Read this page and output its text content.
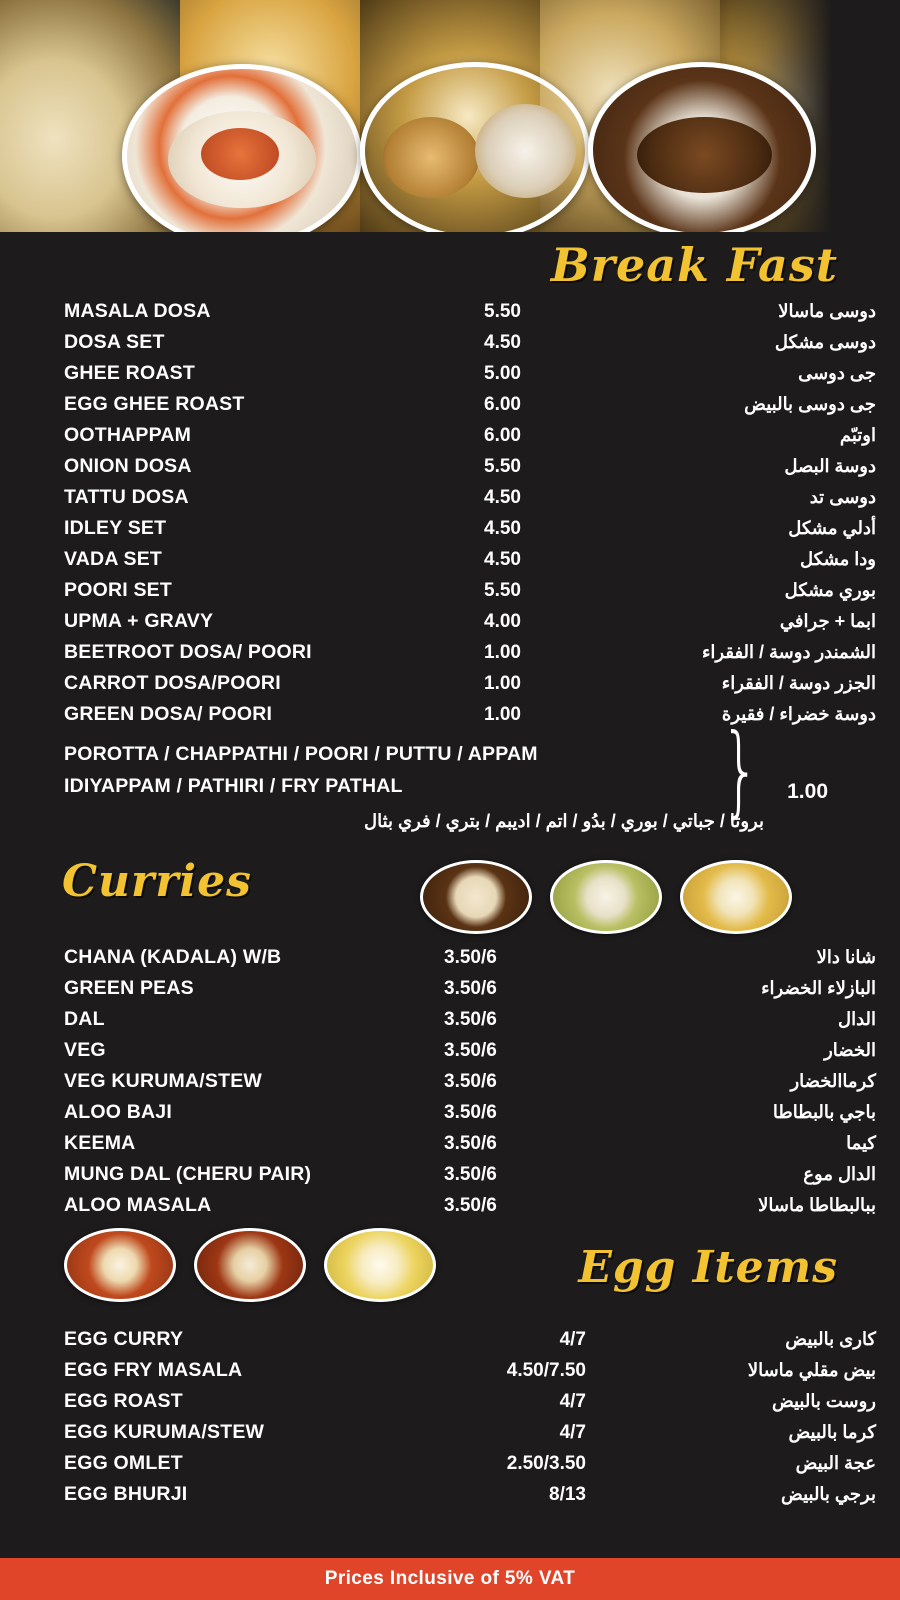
Break Fast
MASALA DOSA	5.50	دوسى ماسالا
DOSA SET	4.50	دوسى مشكل
GHEE ROAST	5.00	جى دوسى
EGG GHEE ROAST	6.00	جى دوسى بالبيض
OOTHAPPAM	6.00	اوتبّم
ONION DOSA	5.50	دوسة البصل
TATTU DOSA	4.50	دوسى تد
IDLEY SET	4.50	أدلي مشكل
VADA SET	4.50	ودا مشكل
POORI SET	5.50	بوري مشكل
UPMA + GRAVY	4.00	ابما + جرافي
BEETROOT DOSA/ POORI	1.00	الشمندر دوسة / الفقراء
CARROT DOSA/POORI	1.00	الجزر دوسة / الفقراء
GREEN DOSA/ POORI	1.00	دوسة خضراء / فقيرة
POROTTA / CHAPPATHI / POORI / PUTTU / APPAM
IDIYAPPAM / PATHIRI / FRY PATHAL
بروتا / جباتي / بوري / بدُو / اتم / اديبم / بتري / فري بثال
} 1.00
Curries
CHANA (KADALA) W/B	3.50/6	شانا دالا
GREEN PEAS	3.50/6	البازلاء الخضراء
DAL	3.50/6	الدال
VEG	3.50/6	الخضار
VEG KURUMA/STEW	3.50/6	كرماالخضار
ALOO BAJI	3.50/6	باجي بالبطاطا
KEEMA	3.50/6	كيما
MUNG DAL (CHERU PAIR)	3.50/6	الدال موع
ALOO MASALA	3.50/6	ببالبطاطا ماسالا
Egg Items
EGG CURRY	4/7	كارى بالبيض
EGG FRY MASALA	4.50/7.50	بيض مقلي ماسالا
EGG ROAST	4/7	روست بالبيض
EGG KURUMA/STEW	4/7	كرما بالبيض
EGG OMLET	2.50/3.50	عجة البيض
EGG BHURJI	8/13	برجي بالبيض
Prices Inclusive of 5% VAT
